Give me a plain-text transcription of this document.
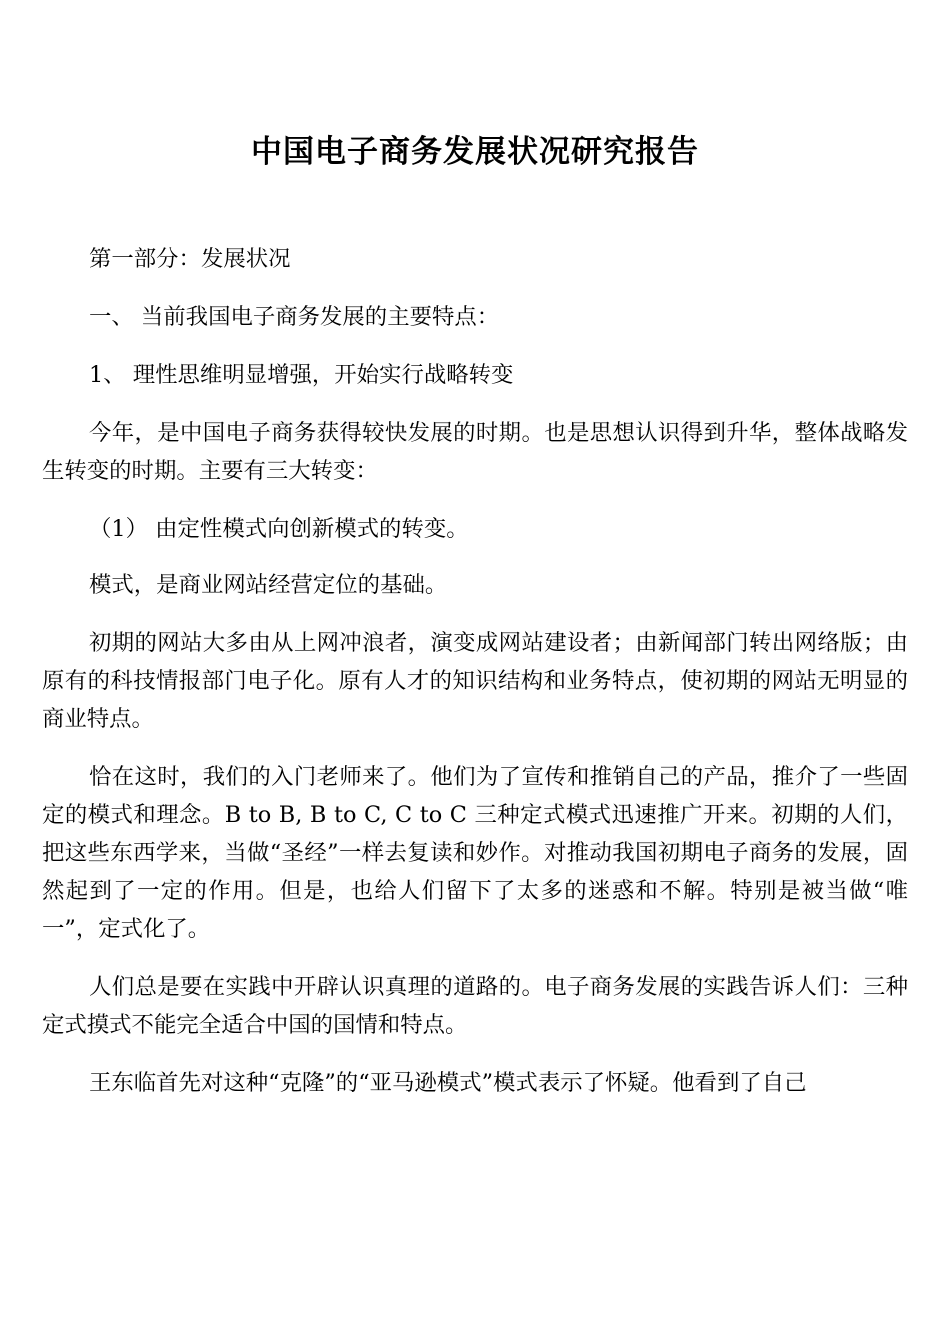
中国电子商务发展状况研究报告

第一部分：发展状况

一、 当前我国电子商务发展的主要特点：

1、 理性思维明显增强，开始实行战略转变

今年，是中国电子商务获得较快发展的时期。也是思想认识得到升华，整体战略发生转变的时期。主要有三大转变：

（1） 由定性模式向创新模式的转变。

模式，是商业网站经营定位的基础。

初期的网站大多由从上网冲浪者，演变成网站建设者；由新闻部门转出网络版；由原有的科技情报部门电子化。原有人才的知识结构和业务特点，使初期的网站无明显的商业特点。

恰在这时，我们的入门老师来了。他们为了宣传和推销自己的产品，推介了一些固定的模式和理念。B to B, B to C, C to C 三种定式模式迅速推广开来。初期的人们，把这些东西学来，当做“圣经”一样去复读和妙作。对推动我国初期电子商务的发展，固然起到了一定的作用。但是，也给人们留下了太多的迷惑和不解。特别是被当做“唯一”，定式化了。

人们总是要在实践中开辟认识真理的道路的。电子商务发展的实践告诉人们：三种定式摸式不能完全适合中国的国情和特点。

王东临首先对这种“克隆”的“亚马逊模式”模式表示了怀疑。他看到了自己
